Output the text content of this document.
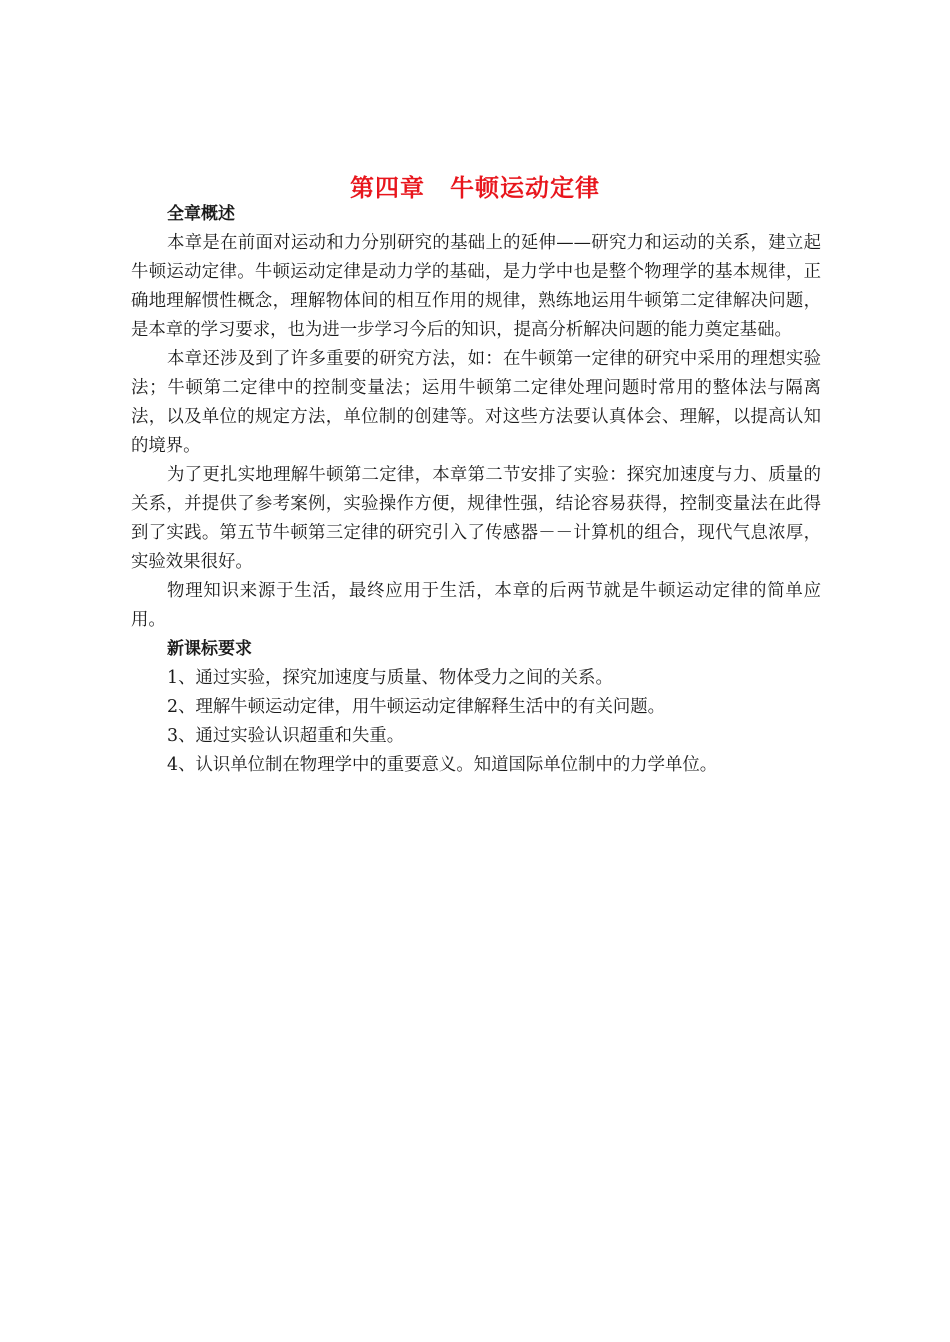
第四章　牛顿运动定律
全章概述

本章是在前面对运动和力分别研究的基础上的延伸——研究力和运动的关系，建立起牛顿运动定律。牛顿运动定律是动力学的基础，是力学中也是整个物理学的基本规律，正确地理解惯性概念，理解物体间的相互作用的规律，熟练地运用牛顿第二定律解决问题，是本章的学习要求，也为进一步学习今后的知识，提高分析解决问题的能力奠定基础。

本章还涉及到了许多重要的研究方法，如：在牛顿第一定律的研究中采用的理想实验法；牛顿第二定律中的控制变量法；运用牛顿第二定律处理问题时常用的整体法与隔离法，以及单位的规定方法，单位制的创建等。对这些方法要认真体会、理解，以提高认知的境界。

为了更扎实地理解牛顿第二定律，本章第二节安排了实验：探究加速度与力、质量的关系，并提供了参考案例，实验操作方便，规律性强，结论容易获得，控制变量法在此得到了实践。第五节牛顿第三定律的研究引入了传感器－－计算机的组合，现代气息浓厚，实验效果很好。

物理知识来源于生活，最终应用于生活，本章的后两节就是牛顿运动定律的简单应用。

新课标要求
1、通过实验，探究加速度与质量、物体受力之间的关系。
2、理解牛顿运动定律，用牛顿运动定律解释生活中的有关问题。
3、通过实验认识超重和失重。
4、认识单位制在物理学中的重要意义。知道国际单位制中的力学单位。
